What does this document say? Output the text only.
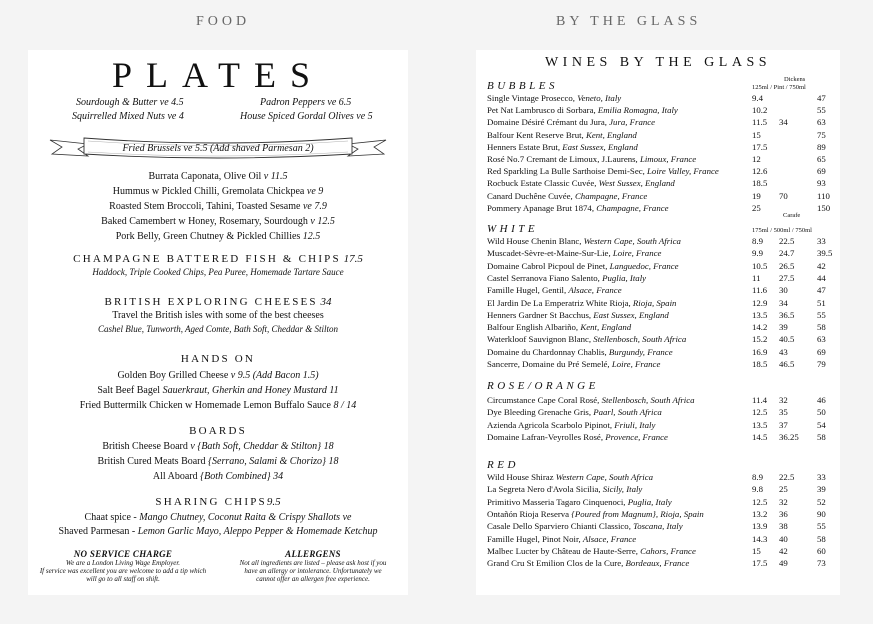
FOOD	BY THE GLASS
PLATES
Sourdough & Butter ve 4.5	Padron Peppers ve 6.5
Squirrelled Mixed Nuts ve 4	House Spiced Gordal Olives ve 5
Fried Brussels ve 5.5 (Add shaved Parmesan 2)
Burrata Caponata, Olive Oil v 11.5
Hummus w Pickled Chilli, Gremolata Chickpea ve 9
Roasted Stem Broccoli, Tahini, Toasted Sesame ve 7.9
Baked Camembert w Honey, Rosemary, Sourdough v 12.5
Pork Belly, Green Chutney & Pickled Chillies 12.5
CHAMPAGNE BATTERED FISH & CHIPS 17.5
Haddock, Triple Cooked Chips, Pea Puree, Homemade Tartare Sauce
BRITISH EXPLORING CHEESES 34
Travel the British isles with some of the best cheeses
Cashel Blue, Tunworth, Aged Comte, Bath Soft, Cheddar & Stilton
HANDS ON
Golden Boy Grilled Cheese v 9.5 (Add Bacon 1.5)
Salt Beef Bagel Sauerkraut, Gherkin and Honey Mustard 11
Fried Buttermilk Chicken w Homemade Lemon Buffalo Sauce 8 / 14
BOARDS
British Cheese Board v {Bath Soft, Cheddar & Stilton} 18
British Cured Meats Board {Serrano, Salami & Chorizo} 18
All Aboard {Both Combined} 34
SHARING CHIPS9.5
Chaat spice - Mango Chutney, Coconut Raita & Crispy Shallots ve
Shaved Parmesan - Lemon Garlic Mayo, Aleppo Pepper & Homemade Ketchup
NO SERVICE CHARGE
We are a London Living Wage Employer.
If service was excellent you are welcome to add a tip which
will go to all staff on shift.
ALLERGENS
Not all ingredients are listed – please ask host if you
have an allergy or intolerance. Unfortunately we
cannot offer an allergen free experience.
WINES BY THE GLASS
BUBBLES
Dickens
125ml / Pint / 750ml
Single Vintage Prosecco, Veneto, Italy	9.4	47
Pet Nat Lambrusco di Sorbara, Emilia Romagna, Italy	10.2	55
Domaine Désiré Crémant du Jura, Jura, France	11.5 34	63
Balfour Kent Reserve Brut, Kent, England	15	75
Henners Estate Brut, East Sussex, England	17.5	89
Rosé No.7 Cremant de Limoux, J.Laurens, Limoux, France	12	65
Red Sparkling La Bulle Sarthoise Demi-Sec, Loire Valley, France	12.6	69
Rocbuck Estate Classic Cuvée, West Sussex, England	18.5	93
Canard Duchêne Cuvée, Champagne, France	19 70	110
Pommery Apanage Brut 1874, Champagne, France	25	150
WHITE
Carafe
175ml / 500ml / 750ml
Wild House Chenin Blanc, Western Cape, South Africa	8.9 22.5	33
Muscadet-Sèvre-et-Maine-Sur-Lie, Loire, France	9.9 24.7	39.5
Domaine Cabrol Picpoul de Pinet, Languedoc, France	10.5 26.5	42
Castel Serranova Fiano Salento, Puglia, Italy	11 27.5	44
Famille Hugel, Gentil, Alsace, France	11.6 30	47
El Jardin De La Emperatriz White Rioja, Rioja, Spain	12.9 34	51
Henners Gardner St Bacchus, East Sussex, England	13.5 36.5	55
Balfour English Albariño, Kent, England	14.2 39	58
Waterkloof Sauvignon Blanc, Stellenbosch, South Africa	15.2 40.5	63
Domaine du Chardonnay Chablis, Burgundy, France	16.9 43	69
Sancerre, Domaine du Pré Semelé, Loire, France	18.5 46.5	79
ROSE/ORANGE
Circumstance Cape Coral Rosé, Stellenbosch, South Africa	11.4 32	46
Dye Bleeding Grenache Gris, Paarl, South Africa	12.5 35	50
Azienda Agricola Scarbolo Pipinot, Friuli, Italy	13.5 37	54
Domaine Lafran-Veyrolles Rosé, Provence, France	14.5 36.25 58
RED
Wild House Shiraz Western Cape, South Africa	8.9 22.5	33
La Segreta Nero d'Avola Sicilia, Sicily, Italy	9.8 25	39
Primitivo Masseria Tagaro Cinquenoci, Puglia, Italy	12.5 32	52
Ontañón Rioja Reserva {Poured from Magnum}, Rioja, Spain	13.2 36	90
Casale Dello Sparviero Chianti Classico, Toscana, Italy	13.9 38	55
Famille Hugel, Pinot Noir, Alsace, France	14.3 40	58
Malbec Lucter by Château de Haute-Serre, Cahors, France	15 42	60
Grand Cru St Emilion Clos de la Cure, Bordeaux, France	17.5 49	73
